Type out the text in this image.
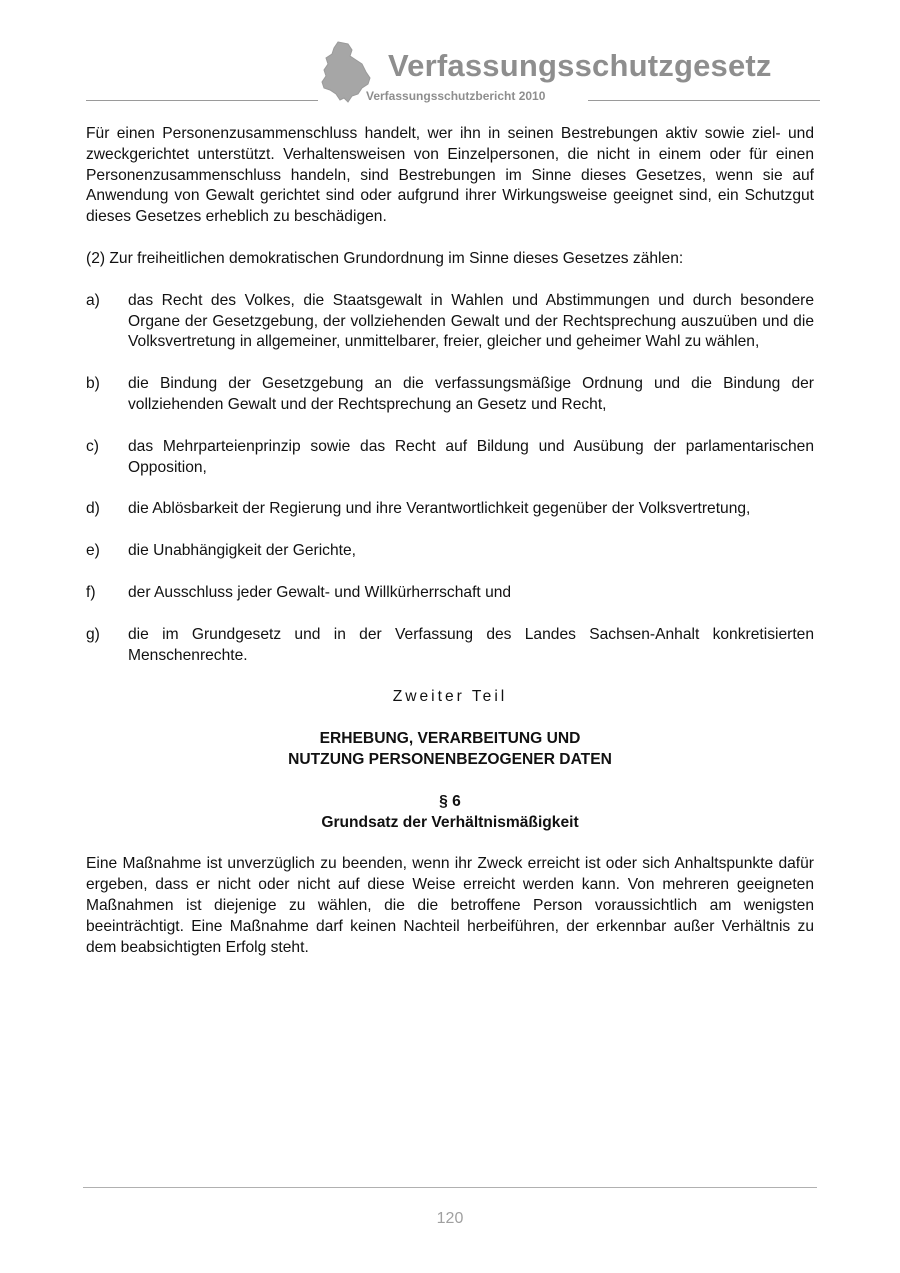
Verfassungsschutzgesetz
Verfassungsschutzbericht 2010

Für einen Personenzusammenschluss handelt, wer ihn in seinen Bestrebungen aktiv sowie ziel- und zweckgerichtet unterstützt. Verhaltensweisen von Einzelpersonen, die nicht in einem oder für einen Personenzusammenschluss handeln, sind Bestrebungen im Sinne dieses Gesetzes, wenn sie auf Anwendung von Gewalt gerichtet sind oder aufgrund ihrer Wirkungsweise geeignet sind, ein Schutzgut dieses Gesetzes erheblich zu beschädigen.

(2) Zur freiheitlichen demokratischen Grundordnung im Sinne dieses Gesetzes zählen:

a)	das Recht des Volkes, die Staatsgewalt in Wahlen und Abstimmungen und durch besondere Organe der Gesetzgebung, der vollziehenden Gewalt und der Rechtsprechung auszuüben und die Volksvertretung in allgemeiner, unmittelbarer, freier, gleicher und geheimer Wahl zu wählen,
b)	die Bindung der Gesetzgebung an die verfassungsmäßige Ordnung und die Bindung der vollziehenden Gewalt und der Rechtsprechung an Gesetz und Recht,
c)	das Mehrparteienprinzip sowie das Recht auf Bildung und Ausübung der parlamentarischen Opposition,
d)	die Ablösbarkeit der Regierung und ihre Verantwortlichkeit gegenüber der Volksvertretung,
e)	die Unabhängigkeit der Gerichte,
f)	der Ausschluss jeder Gewalt- und Willkürherrschaft und
g)	die im Grundgesetz und in der Verfassung des Landes Sachsen-Anhalt konkretisierten Menschenrechte.

Zweiter Teil

ERHEBUNG, VERARBEITUNG UND

NUTZUNG PERSONENBEZOGENER DATEN

§ 6

Grundsatz der Verhältnismäßigkeit

Eine Maßnahme ist unverzüglich zu beenden, wenn ihr Zweck erreicht ist oder sich Anhaltspunkte dafür ergeben, dass er nicht oder nicht auf diese Weise erreicht werden kann. Von mehreren geeigneten Maßnahmen ist diejenige zu wählen, die die betroffene Person voraussichtlich am wenigsten beeinträchtigt. Eine Maßnahme darf keinen Nachteil herbeiführen, der erkennbar außer Verhältnis zu dem beabsichtigten Erfolg steht.

120
